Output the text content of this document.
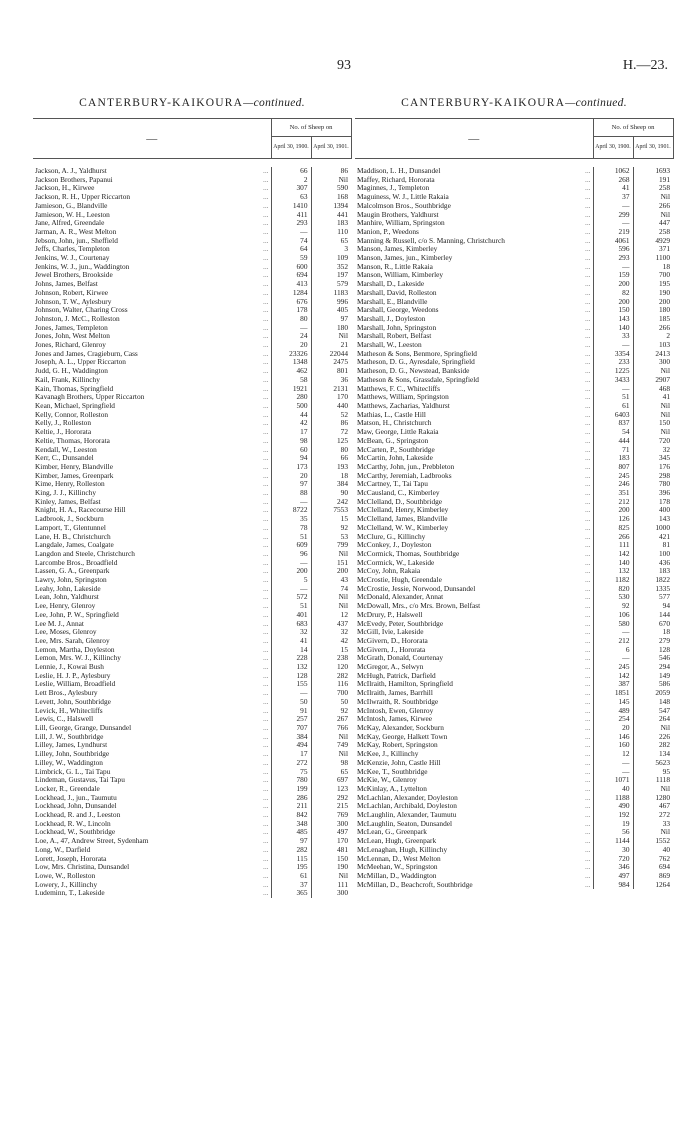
93	H.—23.
CANTERBURY-KAIKOURA—continued.
—	No. of Sheep on	
	April 30, 1900.	April 30, 1901.

...
Jackson, A. J., Yaldhurst	66	86

...
Jackson Brothers, Papanui	2	Nil

...
Jackson, H., Kirwee	307	590

...
Jackson, R. H., Upper Riccarton	63	168

...
Jamieson, G., Blandville	1410	1394

...
Jamieson, W. H., Leeston	411	441

...
Jane, Alfred, Greendale	293	183

...
Jarman, A. R., West Melton	—	110

...
Jebson, John, jun., Sheffield	74	65

...
Jeffs, Charles, Templeton	64	3

...
Jenkins, W. J., Courtenay	59	109

...
Jenkins, W. J., jun., Waddington	600	352

...
Jewel Brothers, Brookside	694	197

...
Johns, James, Belfast	413	579

...
Johnson, Robert, Kirwee	1284	1183

...
Johnson, T. W., Aylesbury	676	996

...
Johnson, Walter, Charing Cross	178	405

...
Johnston, J. McC., Rolleston	80	97

...
Jones, James, Templeton	—	180

...
Jones, John, West Melton	24	Nil

...
Jones, Richard, Glenroy	20	21

...
Jones and James, Cragieburn, Cass	23326	22044

...
Joseph, A. L., Upper Riccarton	1348	2475

...
Judd, G. H., Waddington	462	801

...
Kail, Frank, Killinchy	58	36

...
Kain, Thomas, Springfield	1921	2131

...
Kavanagh Brothers, Upper Riccarton	280	170

...
Kean, Michael, Springfield	500	440

...
Kelly, Connor, Rolleston	44	52

...
Kelly, J., Rolleston	42	86

...
Keltie, J., Hororata	17	72

...
Keltie, Thomas, Hororata	98	125

...
Kendall, W., Leeston	60	80

...
Kerr, C., Dunsandel	94	66

...
Kimber, Henry, Blandville	173	193

...
Kimber, James, Greenpark	20	18

...
Kime, Henry, Rolleston	97	384

...
King, J. J., Killinchy	88	90

...
Kinley, James, Belfast	—	242

...
Knight, H. A., Racecourse Hill	8722	7553

...
Ladbrook, J., Sockburn	35	15

...
Lamport, T., Glentunnel	78	92

...
Lane, H. B., Christchurch	51	53

...
Langdale, James, Coalgate	609	799

...
Langdon and Steele, Christchurch	96	Nil

...
Larcombe Bros., Broadfield	—	151

...
Lassen, G. A., Greenpark	200	200

...
Lawry, John, Springston	5	43

...
Leahy, John, Lakeside	—	74

...
Lean, John, Yaldhurst	572	Nil

...
Lee, Henry, Glenroy	51	Nil

...
Lee, John, P. W., Springfield	401	12

...
Lee M. J., Annat	683	437

...
Lee, Moses, Glenroy	32	32

...
Lee, Mrs. Sarah, Glenroy	41	42

...
Lemon, Martha, Doyleston	14	15

...
Lemon, Mrs. W. J., Killinchy	228	238

...
Lennie, J., Kowai Bush	132	120

...
Leslie, H. J. P., Aylesbury	128	282

...
Leslie, William, Broadfield	155	116

...
Lett Bros., Aylesbury	—	700

...
Levett, John, Southbridge	50	50

...
Levick, H., Whitecliffs	91	92

...
Lewis, C., Halswell	257	267

...
Lill, George, Grange, Dunsandel	707	766

...
Lill, J. W., Southbridge	384	Nil

...
Lilley, James, Lyndhurst	494	749

...
Lilley, John, Southbridge	17	Nil

...
Lilley, W., Waddington	272	98

...
Limbrick, G. L., Tai Tapu	75	65

...
Lindeman, Gustavus, Tai Tapu	780	697

...
Locker, R., Greendale	199	123

...
Lockhead, J., jun., Taumutu	286	292

...
Lockhead, John, Dunsandel	211	215

...
Lockhead, R. and J., Leeston	842	769

...
Lockhead, R. W., Lincoln	348	300

...
Lockhead, W., Southbridge	485	497

...
Loe, A., 47, Andrew Street, Sydenham	97	170

...
Long, W., Darfield	282	481

...
Lorett, Joseph, Hororata	115	150

...
Low, Mrs. Christina, Dunsandel	195	190

...
Lowe, W., Rolleston	61	Nil

...
Lowery, J., Killinchy	37	111

...
Ludeminn, T., Lakeside	365	300
CANTERBURY-KAIKOURA—continued.
—	No. of Sheep on	
	April 30, 1900.	April 30, 1901.

...
Maddison, L. H., Dunsandel	1062	1693

...
Maffey, Richard, Hororata	268	191

...
Maginnes, J., Templeton	41	258

...
Maguiness, W. J., Little Rakaia	37	Nil

...
Malcolmson Bros., Southbridge	—	266

...
Maugin Brothers, Yaldhurst	299	Nil

...
Manhire, William, Springston	—	447

...
Manion, P., Weedons	219	258

...
Manning & Russell, c/o S. Manning, Christchurch	4061	4929

...
Manson, James, Kimberley	596	371

...
Manson, James, jun., Kimberley	293	1100

...
Manson, R., Little Rakaia	—	18

...
Manson, William, Kimberley	159	700

...
Marshall, D., Lakeside	200	195

...
Marshall, David, Rolleston	82	190

...
Marshall, E., Blandville	200	200

...
Marshall, George, Weedons	150	180

...
Marshall, J., Doyleston	143	185

...
Marshall, John, Springston	140	266

...
Marshall, Robert, Belfast	33	2

...
Marshall, W., Leeston	—	103

...
Matheson & Sons, Benmore, Springfield	3354	2413

...
Matheson, D. G., Ayresdale, Springfield	233	300

...
Matheson, D. G., Newstead, Bankside	1225	Nil

...
Matheson & Sons, Grassdale, Springfield	3433	2907

...
Matthews, F. C., Whitecliffs	—	468

...
Matthews, William, Springston	51	41

...
Matthews, Zacharias, Yaldhurst	61	Nil

...
Mathias, L., Castle Hill	6403	Nil

...
Matson, H., Christchurch	837	150

...
Maw, George, Little Rakaia	54	Nil

...
McBean, G., Springston	444	720

...
McCarten, P., Southbridge	71	32

...
McCartin, John, Lakeside	183	345

...
McCarthy, John, jun., Prebbleton	807	176

...
McCarthy, Jeremiah, Ladbrooks	245	298

...
McCartney, T., Tai Tapu	246	780

...
McCausland, C., Kimberley	351	396

...
McClelland, D., Southbridge	212	178

...
McClelland, Henry, Kimberley	200	400

...
McClelland, James, Blandville	126	143

...
McClelland, W. W., Kimberley	825	1000

...
McClure, G., Killinchy	266	421

...
McConkey, J., Doyleston	111	81

...
McCormick, Thomas, Southbridge	142	100

...
McCormick, W., Lakeside	140	436

...
McCoy, John, Rakaia	132	183

...
McCrostie, Hugh, Greendale	1182	1822

...
McCrostie, Jessie, Norwood, Dunsandel	820	1335

...
McDonald, Alexander, Annat	530	577

...
McDowall, Mrs., c/o Mrs. Brown, Belfast	92	94

...
McDrury, P., Halswell	106	144

...
McEvedy, Peter, Southbridge	580	670

...
McGill, Ivie, Lakeside	—	18

...
McGivern, D., Hororata	212	279

...
McGivern, J., Hororata	6	128

...
McGrath, Donald, Courtenay	—	546

...
McGregor, A., Selwyn	245	294

...
McHugh, Patrick, Darfield	142	149

...
McIlraith, Hamilton, Springfield	387	586

...
McIlraith, James, Barrhill	1851	2059

...
McIlwraith, R. Southbridge	145	148

...
McIntosh, Ewen, Glenroy	489	547

...
McIntosh, James, Kirwee	254	264

...
McKay, Alexander, Sockburn	20	Nil

...
McKay, George, Halkett Town	146	226

...
McKay, Robert, Springston	160	282

...
McKee, J., Killinchy	12	134

...
McKenzie, John, Castle Hill	—	5623

...
McKee, T., Southbridge	—	95

...
McKie, W., Glenroy	1071	1118

...
McKinlay, A., Lyttelton	40	Nil

...
McLachlan, Alexander, Doyleston	1188	1280

...
McLachlan, Archibald, Doyleston	490	467

...
McLaughlin, Alexander, Taumutu	192	272

...
McLaughlin, Seaton, Dunsandel	19	33

...
McLean, G., Greenpark	56	Nil

...
McLean, Hugh, Greenpark	1144	1552

...
McLenaghan, Hugh, Killinchy	30	40

...
McLennan, D., West Melton	720	762

...
McMeehan, W., Springston	346	694

...
McMillan, D., Waddington	497	869

...
McMillan, D., Beachcroft, Southbridge	984	1264
